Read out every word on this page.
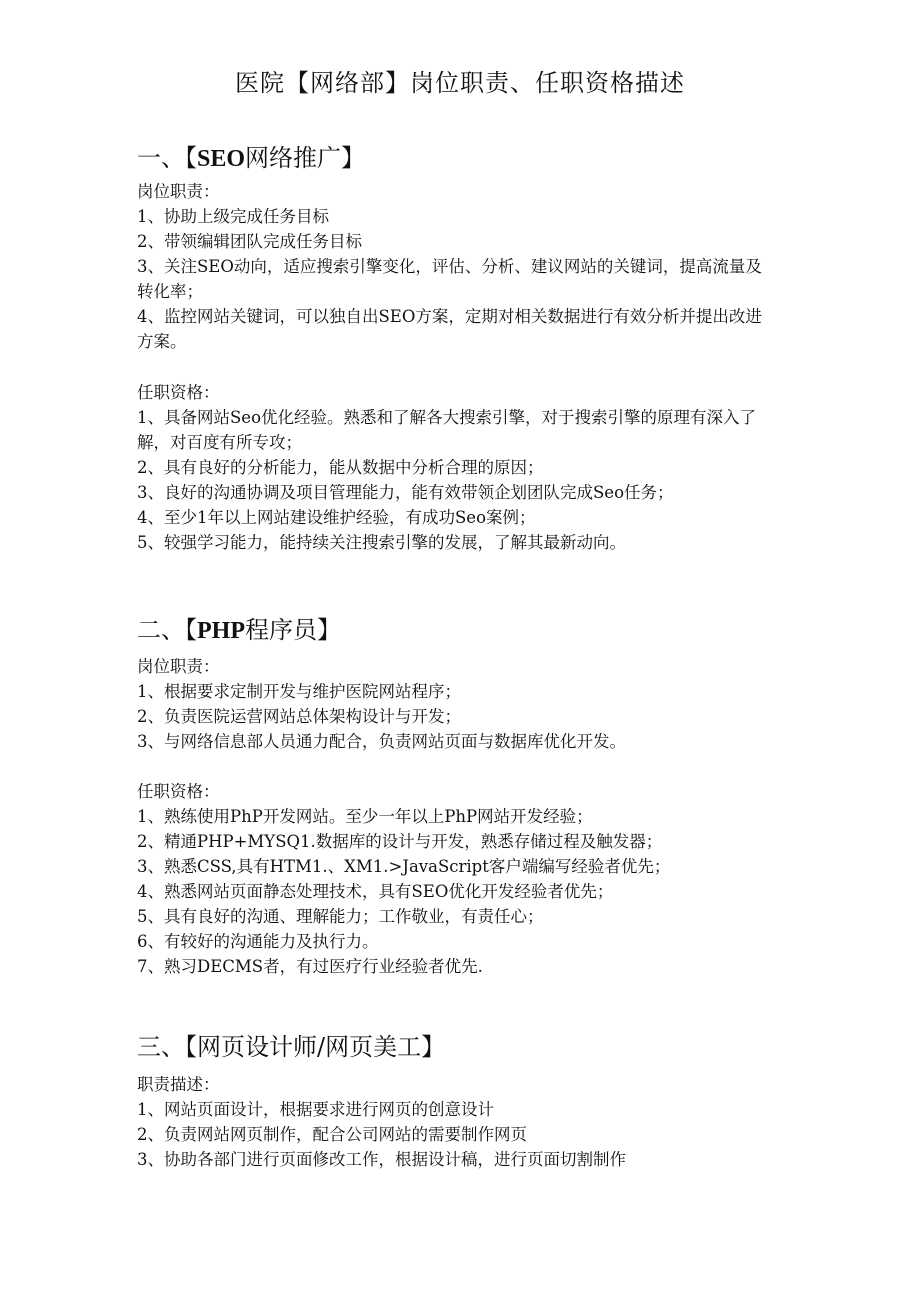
医院【网络部】岗位职责、任职资格描述
一、【SEO网络推广】
岗位职责：
1、协助上级完成任务目标
2、带领编辑团队完成任务目标
3、关注SEO动向，适应搜索引擎变化，评估、分析、建议网站的关键词，提高流量及转化率；
4、监控网站关键词，可以独自出SEO方案，定期对相关数据进行有效分析并提出改进方案。
任职资格：
1、具备网站Seo优化经验。熟悉和了解各大搜索引擎，对于搜索引擎的原理有深入了解，对百度有所专攻；
2、具有良好的分析能力，能从数据中分析合理的原因；
3、良好的沟通协调及项目管理能力，能有效带领企划团队完成Seo任务；
4、至少1年以上网站建设维护经验，有成功Seo案例；
5、较强学习能力，能持续关注搜索引擎的发展，了解其最新动向。
二、【PHP程序员】
岗位职责：
1、根据要求定制开发与维护医院网站程序；
2、负责医院运营网站总体架构设计与开发；
3、与网络信息部人员通力配合，负责网站页面与数据库优化开发。
任职资格：
1、熟练使用PhP开发网站。至少一年以上PhP网站开发经验；
2、精通PHP+MYSQ1.数据库的设计与开发，熟悉存储过程及触发器；
3、熟悉CSS,具有HTM1.、XM1.>JavaScript客户端编写经验者优先；
4、熟悉网站页面静态处理技术，具有SEO优化开发经验者优先；
5、具有良好的沟通、理解能力；工作敬业，有责任心；
6、有较好的沟通能力及执行力。
7、熟习DECMS者，有过医疗行业经验者优先.
三、【网页设计师/网页美工】
职责描述：
1、网站页面设计，根据要求进行网页的创意设计
2、负责网站网页制作，配合公司网站的需要制作网页
3、协助各部门进行页面修改工作，根据设计稿，进行页面切割制作
